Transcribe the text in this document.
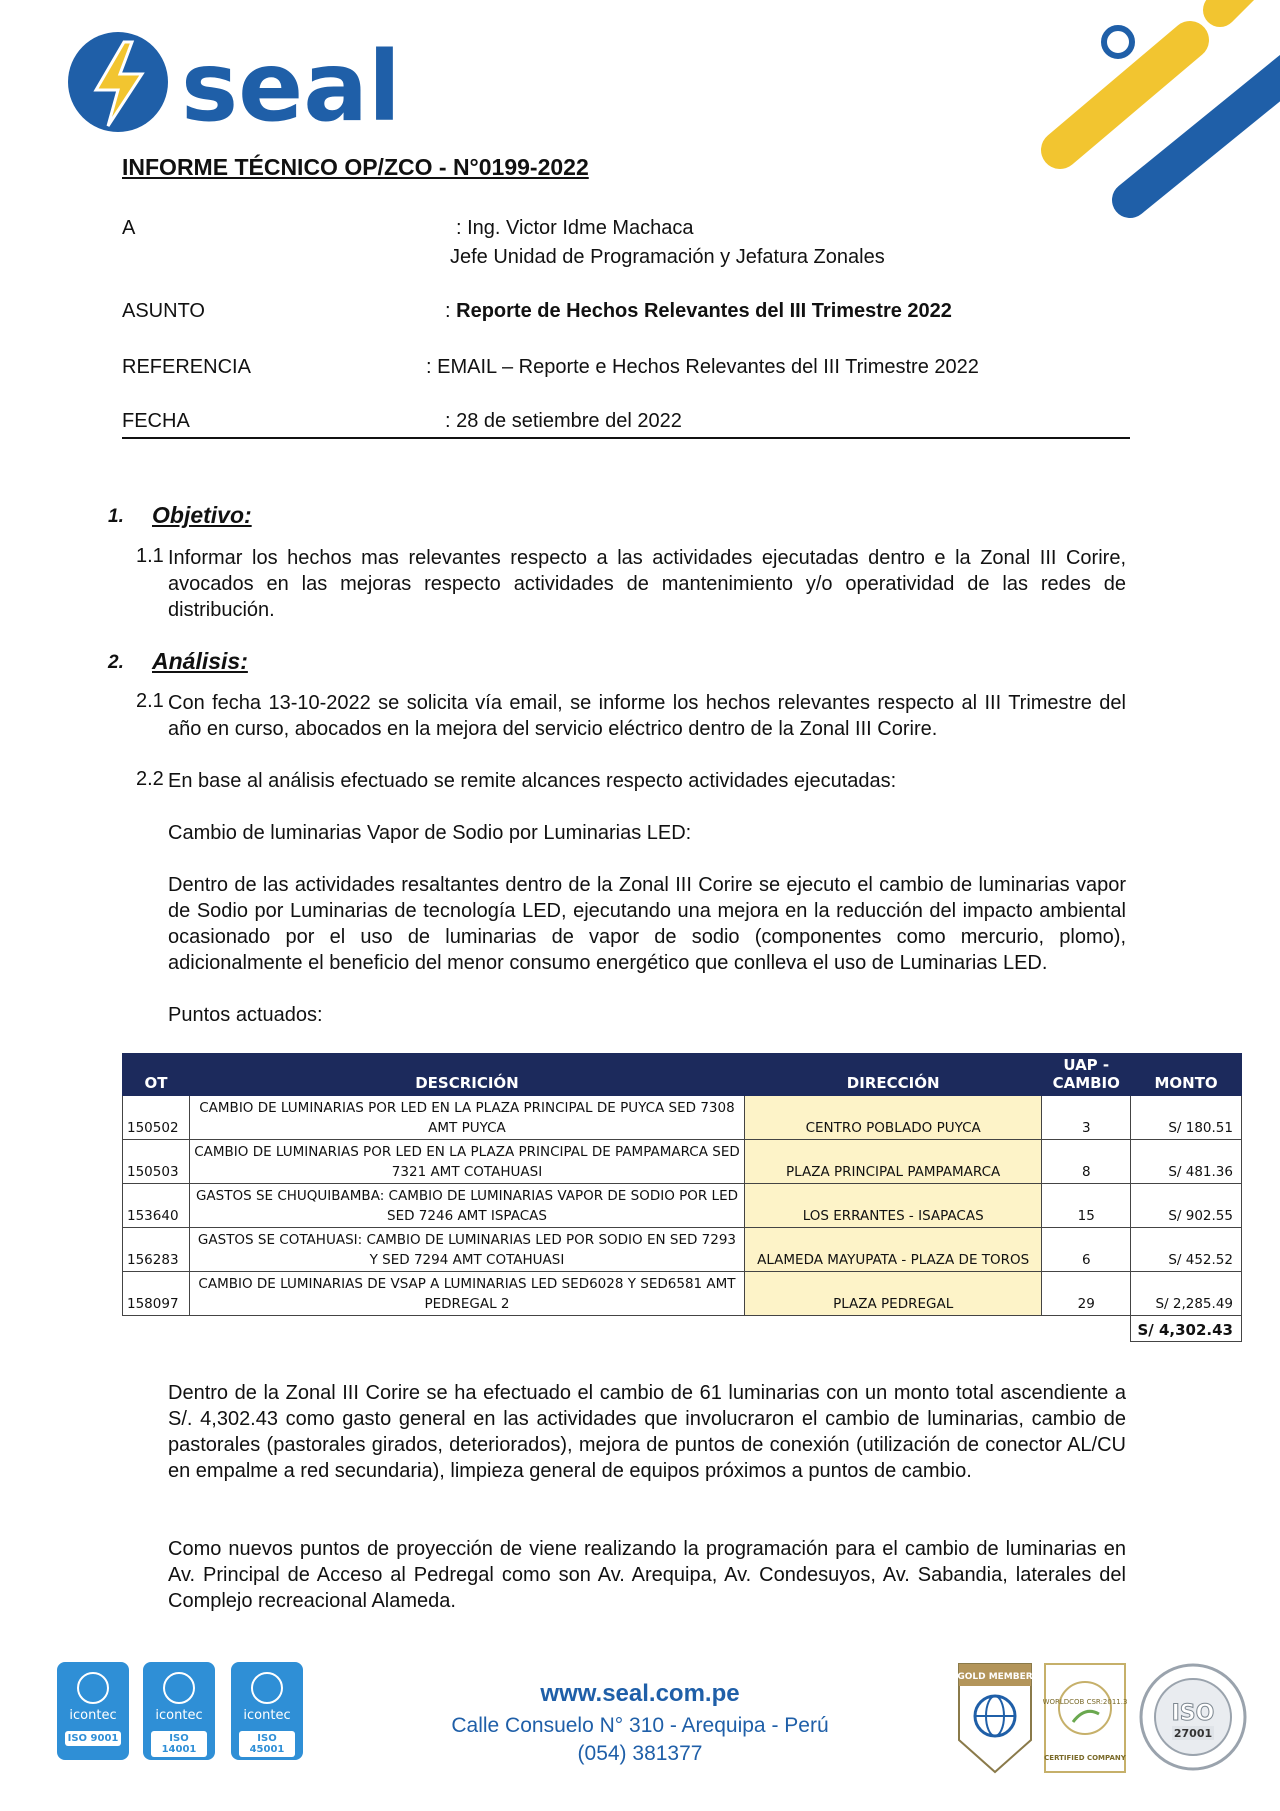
seal
INFORME TÉCNICO OP/ZCO - N°0199-2022
A	: Ing. Victor Idme Machaca
Jefe Unidad de Programación y Jefatura Zonales
ASUNTO	: Reporte de Hechos Relevantes del III Trimestre 2022
REFERENCIA	: EMAIL – Reporte e Hechos Relevantes del III Trimestre 2022
FECHA	: 28 de setiembre del 2022
1. Objetivo:
1.1 Informar los hechos mas relevantes respecto a las actividades ejecutadas dentro e la Zonal III Corire, avocados en las mejoras respecto actividades de mantenimiento y/o operatividad de las redes de distribución.

2. Análisis:
2.1 Con fecha 13-10-2022 se solicita vía email, se informe los hechos relevantes respecto al III Trimestre del año en curso, abocados en la mejora del servicio eléctrico dentro de la Zonal III Corire.

2.2 En base al análisis efectuado se remite alcances respecto actividades ejecutadas:

Cambio de luminarias Vapor de Sodio por Luminarias LED:

Dentro de las actividades resaltantes dentro de la Zonal III Corire se ejecuto el cambio de luminarias vapor de Sodio por Luminarias de tecnología LED, ejecutando una mejora en la reducción del impacto ambiental ocasionado por el uso de luminarias de vapor de sodio (componentes como mercurio, plomo), adicionalmente el beneficio del menor consumo energético que conlleva el uso de Luminarias LED.

Puntos actuados:

OT	DESCRICIÓN	DIRECCIÓN	UAP - CAMBIO	MONTO
150502	CAMBIO DE LUMINARIAS POR LED EN LA PLAZA PRINCIPAL DE PUYCA SED 7308 AMT PUYCA	CENTRO POBLADO PUYCA	3	S/ 180.51
150503	CAMBIO DE LUMINARIAS POR LED EN LA PLAZA PRINCIPAL DE PAMPAMARCA SED 7321 AMT COTAHUASI	PLAZA PRINCIPAL PAMPAMARCA	8	S/ 481.36
153640	GASTOS SE CHUQUIBAMBA: CAMBIO DE LUMINARIAS VAPOR DE SODIO POR LED SED 7246 AMT ISPACAS	LOS ERRANTES - ISAPACAS	15	S/ 902.55
156283	GASTOS SE COTAHUASI: CAMBIO DE LUMINARIAS LED POR SODIO EN SED 7293 Y SED 7294 AMT COTAHUASI	ALAMEDA MAYUPATA - PLAZA DE TOROS	6	S/ 452.52
158097	CAMBIO DE LUMINARIAS DE VSAP A LUMINARIAS LED SED6028 Y SED6581 AMT PEDREGAL 2	PLAZA PEDREGAL	29	S/ 2,285.49
				S/ 4,302.43

Dentro de la Zonal III Corire se ha efectuado el cambio de 61 luminarias con un monto total ascendiente a S/. 4,302.43 como gasto general en las actividades que involucraron el cambio de luminarias, cambio de pastorales (pastorales girados, deteriorados), mejora de puntos de conexión (utilización de conector AL/CU en empalme a red secundaria), limpieza general de equipos próximos a puntos de cambio.

Como nuevos puntos de proyección de viene realizando la programación para el cambio de luminarias en Av. Principal de Acceso al Pedregal como son Av. Arequipa, Av. Condesuyos, Av. Sabandia, laterales del Complejo recreacional Alameda.

icontec
ISO 9001
icontec
ISO 14001
icontec
ISO 45001
www.seal.com.pe
Calle Consuelo N° 310 - Arequipa - Perú
(054) 381377
GOLD MEMBER
WORLDCOB CSR:2011.3
CERTIFIED COMPANY
ISO
27001
